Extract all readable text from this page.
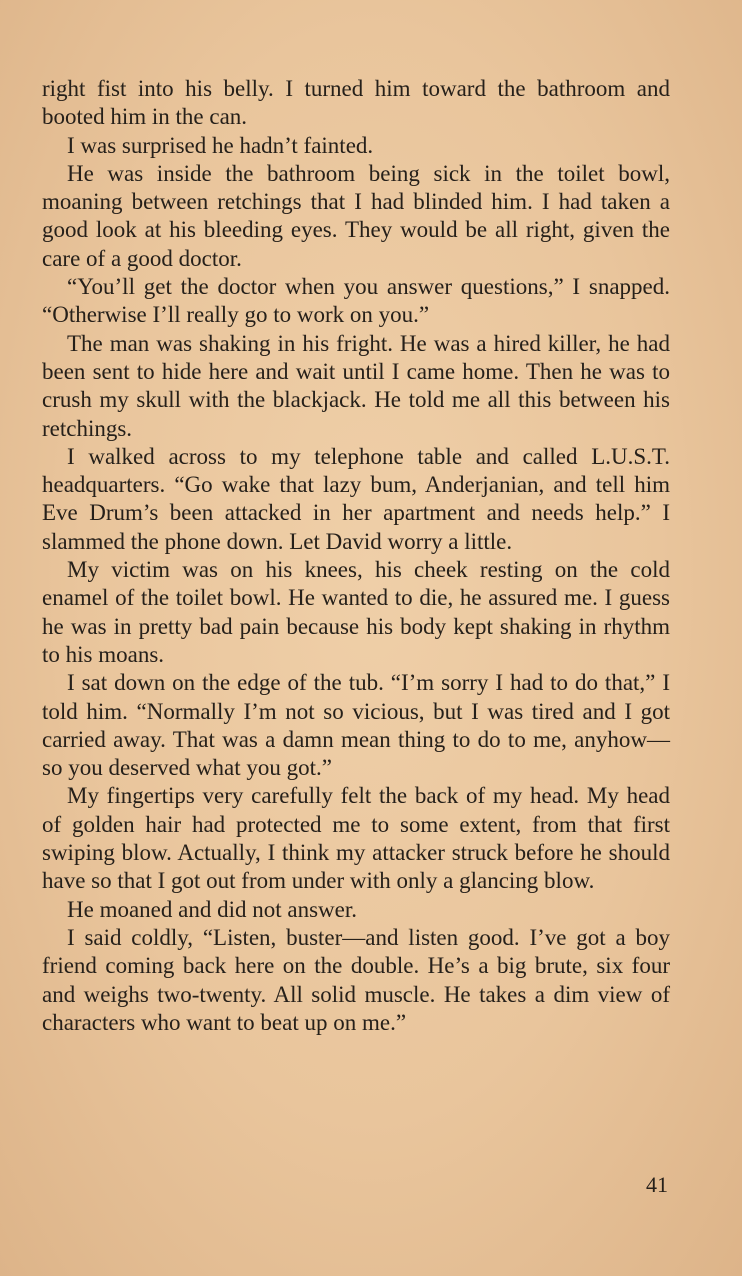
right fist into his belly. I turned him toward the bathroom and booted him in the can.

I was surprised he hadn’t fainted.

He was inside the bathroom being sick in the toilet bowl, moaning between retchings that I had blinded him. I had taken a good look at his bleeding eyes. They would be all right, given the care of a good doctor.

“You’ll get the doctor when you answer questions,” I snapped. “Otherwise I’ll really go to work on you.”

The man was shaking in his fright. He was a hired killer, he had been sent to hide here and wait until I came home. Then he was to crush my skull with the blackjack. He told me all this between his retchings.

I walked across to my telephone table and called L.U.S.T. headquarters. “Go wake that lazy bum, Anderjanian, and tell him Eve Drum’s been attacked in her apartment and needs help.” I slammed the phone down. Let David worry a little.

My victim was on his knees, his cheek resting on the cold enamel of the toilet bowl. He wanted to die, he assured me. I guess he was in pretty bad pain because his body kept shaking in rhythm to his moans.

I sat down on the edge of the tub. “I’m sorry I had to do that,” I told him. “Normally I’m not so vicious, but I was tired and I got carried away. That was a damn mean thing to do to me, anyhow—so you deserved what you got.”

My fingertips very carefully felt the back of my head. My head of golden hair had protected me to some extent, from that first swiping blow. Actually, I think my attacker struck before he should have so that I got out from under with only a glancing blow.

He moaned and did not answer.

I said coldly, “Listen, buster—and listen good. I’ve got a boy friend coming back here on the double. He’s a big brute, six four and weighs two-twenty. All solid muscle. He takes a dim view of characters who want to beat up on me.”

41
